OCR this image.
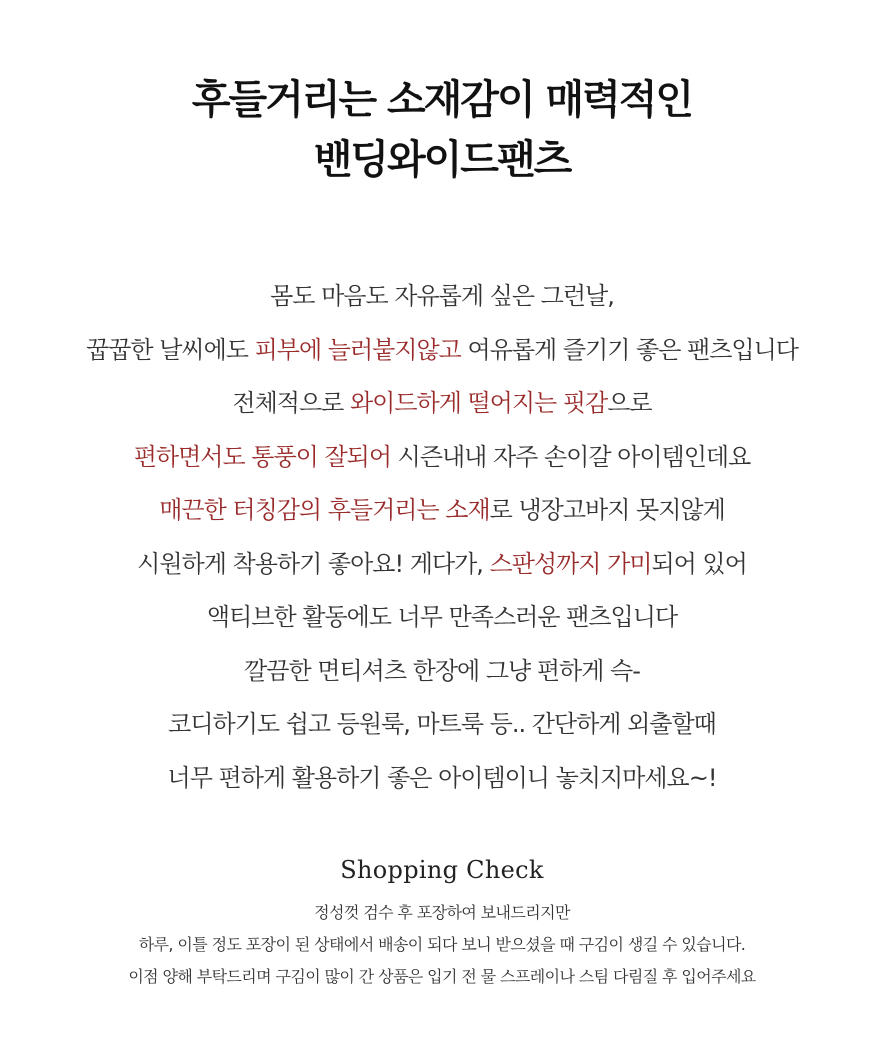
후들거리는 소재감이 매력적인
밴딩와이드팬츠
몸도 마음도 자유롭게 싶은 그런날,
꿉꿉한 날씨에도 피부에 늘러붙지않고 여유롭게 즐기기 좋은 팬츠입니다
전체적으로 와이드하게 떨어지는 핏감으로
편하면서도 통풍이 잘되어 시즌내내 자주 손이갈 아이템인데요
매끈한 터칭감의 후들거리는 소재로 냉장고바지 못지않게
시원하게 착용하기 좋아요! 게다가, 스판성까지 가미되어 있어
액티브한 활동에도 너무 만족스러운 팬츠입니다
깔끔한 면티셔츠 한장에 그냥 편하게 슥-
코디하기도 쉽고 등원룩, 마트룩 등.. 간단하게 외출할때
너무 편하게 활용하기 좋은 아이템이니 놓치지마세요~!
Shopping Check
정성껏 검수 후 포장하여 보내드리지만
하루, 이틀 정도 포장이 된 상태에서 배송이 되다 보니 받으셨을 때 구김이 생길 수 있습니다.
이점 양해 부탁드리며 구김이 많이 간 상품은 입기 전 물 스프레이나 스팀 다림질 후 입어주세요
